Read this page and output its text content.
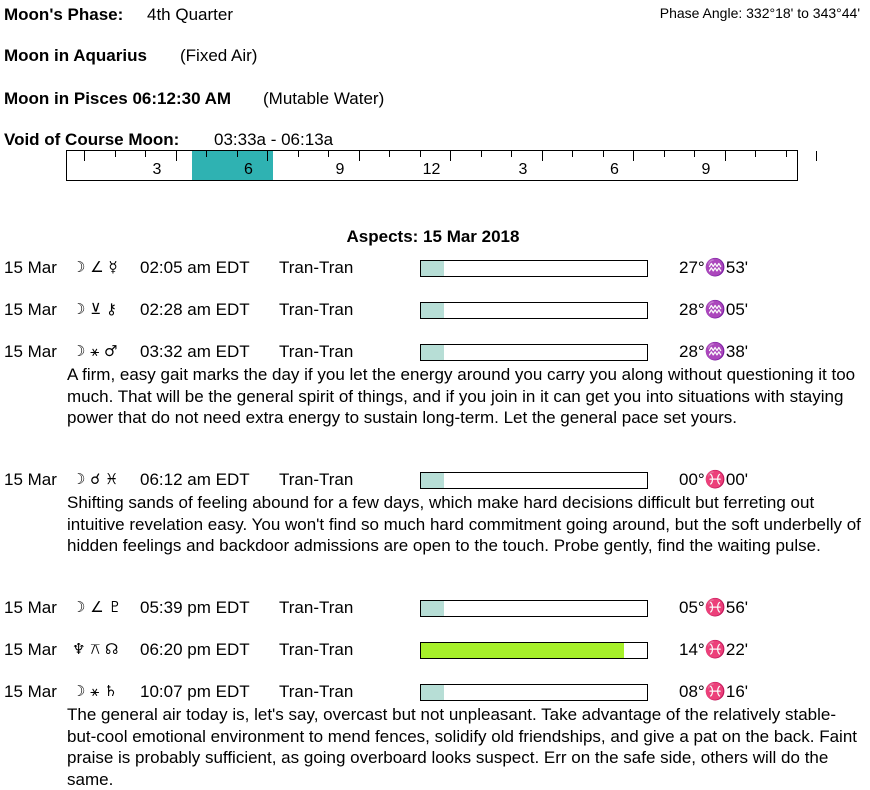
Moon's Phase: 4th Quarter	Phase Angle: 332°18' to 343°44'
Moon in Aquarius (Fixed Air)
Moon in Pisces 06:12:30 AM (Mutable Water)
Void of Course Moon: 03:33a - 06:13a
3	6	9	12	3	6	9
Aspects: 15 Mar 2018
15 Mar ☽ ∠ ☿ 02:05 am EDT Tran-Tran	27°♒53'
15 Mar ☽ ⊻ ⚷ 02:28 am EDT Tran-Tran	28°♒05'
15 Mar ☽ ⚹ ♂ 03:32 am EDT Tran-Tran	28°♒38'
A firm, easy gait marks the day if you let the energy around you carry you along without questioning it too much. That will be the general spirit of things, and if you join in it can get you into situations with staying power that do not need extra energy to sustain long-term. Let the general pace set yours.
15 Mar ☽ ☌ ♓ 06:12 am EDT Tran-Tran	00°♓00'
Shifting sands of feeling abound for a few days, which make hard decisions difficult but ferreting out intuitive revelation easy. You won't find so much hard commitment going around, but the soft underbelly of hidden feelings and backdoor admissions are open to the touch. Probe gently, find the waiting pulse.
15 Mar ☽ ∠ ♇ 05:39 pm EDT Tran-Tran	05°♓56'
15 Mar ♆ ⚻ ☊ 06:20 pm EDT Tran-Tran	14°♓22'
15 Mar ☽ ⚹ ♄ 10:07 pm EDT Tran-Tran	08°♓16'
The general air today is, let's say, overcast but not unpleasant. Take advantage of the relatively stable-but-cool emotional environment to mend fences, solidify old friendships, and give a pat on the back. Faint praise is probably sufficient, as going overboard looks suspect. Err on the safe side, others will do the same.
